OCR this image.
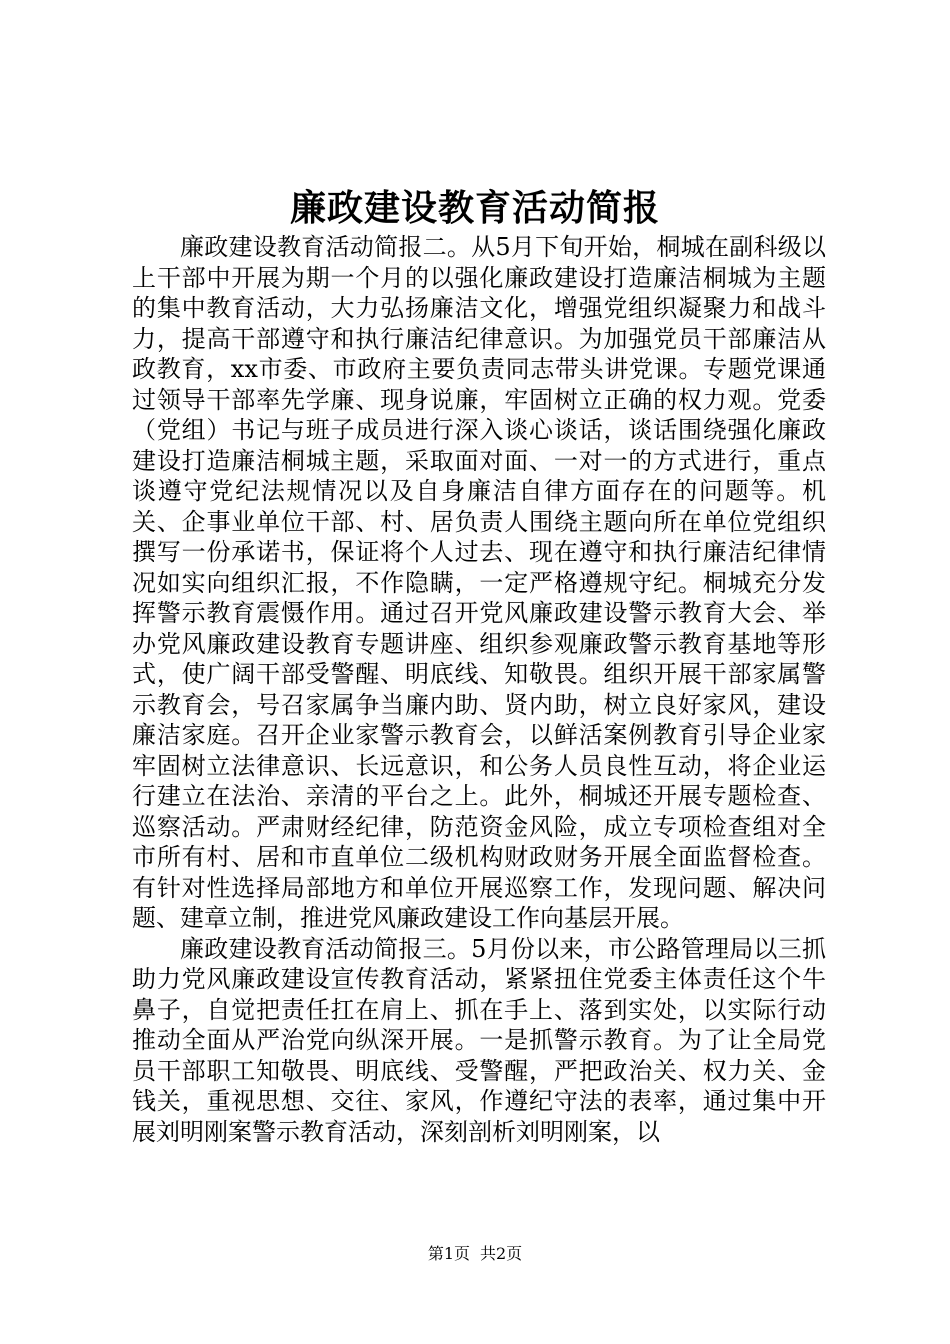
廉政建设教育活动简报

廉政建设教育活动简报二。从5月下旬开始，桐城在副科级以上干部中开展为期一个月的以强化廉政建设打造廉洁桐城为主题的集中教育活动，大力弘扬廉洁文化，增强党组织凝聚力和战斗力，提高干部遵守和执行廉洁纪律意识。为加强党员干部廉洁从政教育，xx市委、市政府主要负责同志带头讲党课。专题党课通过领导干部率先学廉、现身说廉，牢固树立正确的权力观。党委（党组）书记与班子成员进行深入谈心谈话，谈话围绕强化廉政建设打造廉洁桐城主题，采取面对面、一对一的方式进行，重点谈遵守党纪法规情况以及自身廉洁自律方面存在的问题等。机关、企事业单位干部、村、居负责人围绕主题向所在单位党组织撰写一份承诺书，保证将个人过去、现在遵守和执行廉洁纪律情况如实向组织汇报，不作隐瞒，一定严格遵规守纪。桐城充分发挥警示教育震慑作用。通过召开党风廉政建设警示教育大会、举办党风廉政建设教育专题讲座、组织参观廉政警示教育基地等形式，使广阔干部受警醒、明底线、知敬畏。组织开展干部家属警示教育会，号召家属争当廉内助、贤内助，树立良好家风，建设廉洁家庭。召开企业家警示教育会，以鲜活案例教育引导企业家牢固树立法律意识、长远意识，和公务人员良性互动，将企业运行建立在法治、亲清的平台之上。此外，桐城还开展专题检查、巡察活动。严肃财经纪律，防范资金风险，成立专项检查组对全市所有村、居和市直单位二级机构财政财务开展全面监督检查。有针对性选择局部地方和单位开展巡察工作，发现问题、解决问题、建章立制，推进党风廉政建设工作向基层开展。

廉政建设教育活动简报三。5月份以来，市公路管理局以三抓助力党风廉政建设宣传教育活动，紧紧扭住党委主体责任这个牛鼻子，自觉把责任扛在肩上、抓在手上、落到实处，以实际行动推动全面从严治党向纵深开展。一是抓警示教育。为了让全局党员干部职工知敬畏、明底线、受警醒，严把政治关、权力关、金钱关，重视思想、交往、家风，作遵纪守法的表率，通过集中开展刘明刚案警示教育活动，深刻剖析刘明刚案，以

第1页 共2页
